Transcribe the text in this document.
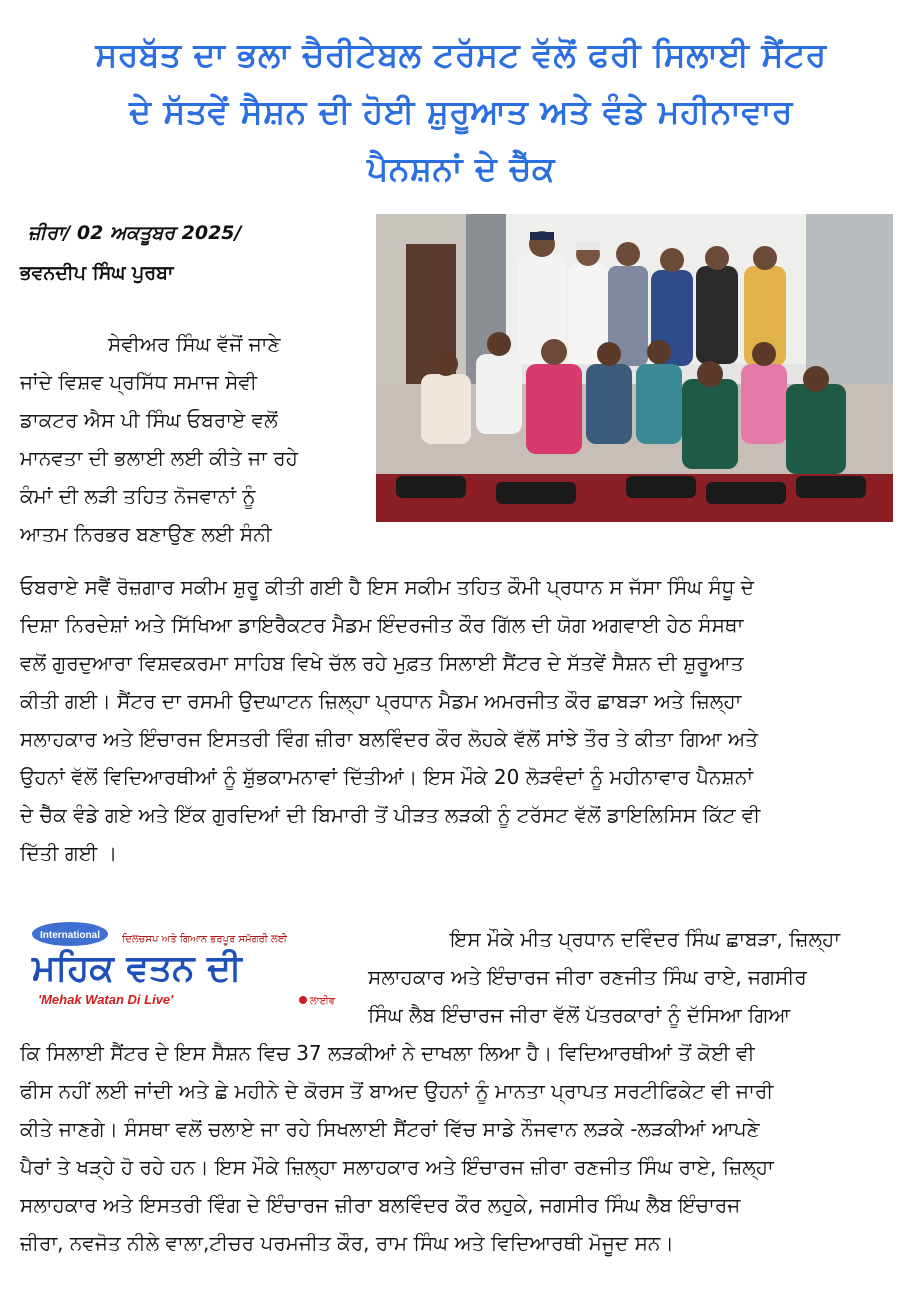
ਸਰਬੱਤ ਦਾ ਭਲਾ ਚੈਰੀਟੇਬਲ ਟਰੱਸਟ ਵੱਲੋਂ ਫਰੀ ਸਿਲਾਈ ਸੈਂਟਰ
ਦੇ ਸੱਤਵੇਂ ਸੈਸ਼ਨ ਦੀ ਹੋਈ ਸ਼ੁਰੂਆਤ ਅਤੇ ਵੰਡੇ ਮਹੀਨਾਵਾਰ
ਪੈਨਸ਼ਨਾਂ ਦੇ ਚੈੱਕ
ਜ਼ੀਰਾ/ 02 ਅਕਤੂਬਰ 2025/
ਭਵਨਦੀਪ ਸਿੰਘ ਪੁਰਬਾ
ਸੇਵੀਅਰ ਸਿੰਘ ਵੱਜੋਂ ਜਾਣੇ
ਜਾਂਦੇ ਵਿਸ਼ਵ ਪ੍ਰਸਿੱਧ ਸਮਾਜ ਸੇਵੀ
ਡਾਕਟਰ ਐਸ ਪੀ ਸਿੰਘ ਓਬਰਾਏ ਵਲੋਂ
ਮਾਨਵਤਾ ਦੀ ਭਲਾਈ ਲਈ ਕੀਤੇ ਜਾ ਰਹੇ
ਕੰਮਾਂ ਦੀ ਲੜੀ ਤਹਿਤ ਨੋਜਵਾਨਾਂ ਨੂੰ
ਆਤਮ ਨਿਰਭਰ ਬਣਾਉਣ ਲਈ ਸੰਨੀ
ਓਬਰਾਏ ਸਵੈਂ ਰੋਜ਼ਗਾਰ ਸਕੀਮ ਸ਼ੁਰੂ ਕੀਤੀ ਗਈ ਹੈ ਇਸ ਸਕੀਮ ਤਹਿਤ ਕੌਮੀ ਪ੍ਰਧਾਨ ਸ ਜੱਸਾ ਸਿੰਘ ਸੰਧੂ ਦੇ
ਦਿਸ਼ਾ ਨਿਰਦੇਸ਼ਾਂ ਅਤੇ ਸਿੱਖਿਆ ਡਾਇਰੈਕਟਰ ਮੈਡਮ ਇੰਦਰਜੀਤ ਕੌਰ ਗਿੱਲ ਦੀ ਯੋਗ ਅਗਵਾਈ ਹੇਠ ਸੰਸਥਾ
ਵਲੋਂ ਗੁਰਦੁਆਰਾ ਵਿਸ਼ਵਕਰਮਾ ਸਾਹਿਬ ਵਿਖੇ ਚੱਲ ਰਹੇ ਮੁਫ਼ਤ ਸਿਲਾਈ ਸੈਂਟਰ ਦੇ ਸੱਤਵੇਂ ਸੈਸ਼ਨ ਦੀ ਸ਼ੁਰੂਆਤ
ਕੀਤੀ ਗਈ। ਸੈਂਟਰ ਦਾ ਰਸਮੀ ਉਦਘਾਟਨ ਜ਼ਿਲ੍ਹਾ ਪ੍ਰਧਾਨ ਮੈਡਮ ਅਮਰਜੀਤ ਕੌਰ ਛਾਬੜਾ ਅਤੇ ਜ਼ਿਲ੍ਹਾ
ਸਲਾਹਕਾਰ ਅਤੇ ਇੰਚਾਰਜ ਇਸਤਰੀ ਵਿੰਗ ਜ਼ੀਰਾ ਬਲਵਿੰਦਰ ਕੌਰ ਲੋਹਕੇ ਵੱਲੋਂ ਸਾਂਝੇ ਤੌਰ ਤੇ ਕੀਤਾ ਗਿਆ ਅਤੇ
ਉਹਨਾਂ ਵੱਲੋਂ ਵਿਦਿਆਰਥੀਆਂ ਨੂੰ ਸ਼ੁੱਭਕਾਮਨਾਵਾਂ ਦਿੱਤੀਆਂ। ਇਸ ਮੌਕੇ 20 ਲੋੜਵੰਦਾਂ ਨੂੰ ਮਹੀਨਾਵਾਰ ਪੈਨਸ਼ਨਾਂ
ਦੇ ਚੈੱਕ ਵੰਡੇ ਗਏ ਅਤੇ ਇੱਕ ਗੁਰਦਿਆਂ ਦੀ ਬਿਮਾਰੀ ਤੋਂ ਪੀੜਤ ਲੜਕੀ ਨੂੰ ਟਰੱਸਟ ਵੱਲੋਂ ਡਾਇਲਿਸਿਸ ਕਿੱਟ ਵੀ
ਦਿੱਤੀ ਗਈ ।
International ਦਿਲਚਸਪ ਅਤੇ ਗਿਆਨ ਭਰਪੂਰ ਸਮੱਗਰੀ ਲਈ
ਮਹਿਕ ਵਤਨ ਦੀ
'Mehak Watan Di Live'	ਲਾਈਵ
ਇਸ ਮੌਕੇ ਮੀਤ ਪ੍ਰਧਾਨ ਦਵਿੰਦਰ ਸਿੰਘ ਛਾਬੜਾ, ਜ਼ਿਲ੍ਹਾ
ਸਲਾਹਕਾਰ ਅਤੇ ਇੰਚਾਰਜ ਜੀਰਾ ਰਣਜੀਤ ਸਿੰਘ ਰਾਏ, ਜਗਸੀਰ
ਸਿੰਘ ਲੈਬ ਇੰਚਾਰਜ ਜੀਰਾ ਵੱਲੋਂ ਪੱਤਰਕਾਰਾਂ ਨੂੰ ਦੱਸਿਆ ਗਿਆ
ਕਿ ਸਿਲਾਈ ਸੈਂਟਰ ਦੇ ਇਸ ਸੈਸ਼ਨ ਵਿਚ 37 ਲੜਕੀਆਂ ਨੇ ਦਾਖਲਾ ਲਿਆ ਹੈ। ਵਿਦਿਆਰਥੀਆਂ ਤੋਂ ਕੋਈ ਵੀ
ਫੀਸ ਨਹੀਂ ਲਈ ਜਾਂਦੀ ਅਤੇ ਛੇ ਮਹੀਨੇ ਦੇ ਕੋਰਸ ਤੋਂ ਬਾਅਦ ਉਹਨਾਂ ਨੂੰ ਮਾਨਤਾ ਪ੍ਰਾਪਤ ਸਰਟੀਫਿਕੇਟ ਵੀ ਜਾਰੀ
ਕੀਤੇ ਜਾਣਗੇ। ਸੰਸਥਾ ਵਲੋਂ ਚਲਾਏ ਜਾ ਰਹੇ ਸਿਖਲਾਈ ਸੈਂਟਰਾਂ ਵਿੱਚ ਸਾਡੇ ਨੌਜਵਾਨ ਲੜਕੇ -ਲੜਕੀਆਂ ਆਪਣੇ
ਪੈਰਾਂ ਤੇ ਖੜ੍ਹੇ ਹੋ ਰਹੇ ਹਨ। ਇਸ ਮੌਕੇ ਜ਼ਿਲ੍ਹਾ ਸਲਾਹਕਾਰ ਅਤੇ ਇੰਚਾਰਜ ਜ਼ੀਰਾ ਰਣਜੀਤ ਸਿੰਘ ਰਾਏ, ਜ਼ਿਲ੍ਹਾ
ਸਲਾਹਕਾਰ ਅਤੇ ਇਸਤਰੀ ਵਿੰਗ ਦੇ ਇੰਚਾਰਜ ਜ਼ੀਰਾ ਬਲਵਿੰਦਰ ਕੌਰ ਲਹੁਕੇ, ਜਗਸੀਰ ਸਿੰਘ ਲੈਬ ਇੰਚਾਰਜ
ਜ਼ੀਰਾ, ਨਵਜੋਤ ਨੀਲੇ ਵਾਲਾ,ਟੀਚਰ ਪਰਮਜੀਤ ਕੌਰ, ਰਾਮ ਸਿੰਘ ਅਤੇ ਵਿਦਿਆਰਥੀ ਮੋਜੂਦ ਸਨ।
